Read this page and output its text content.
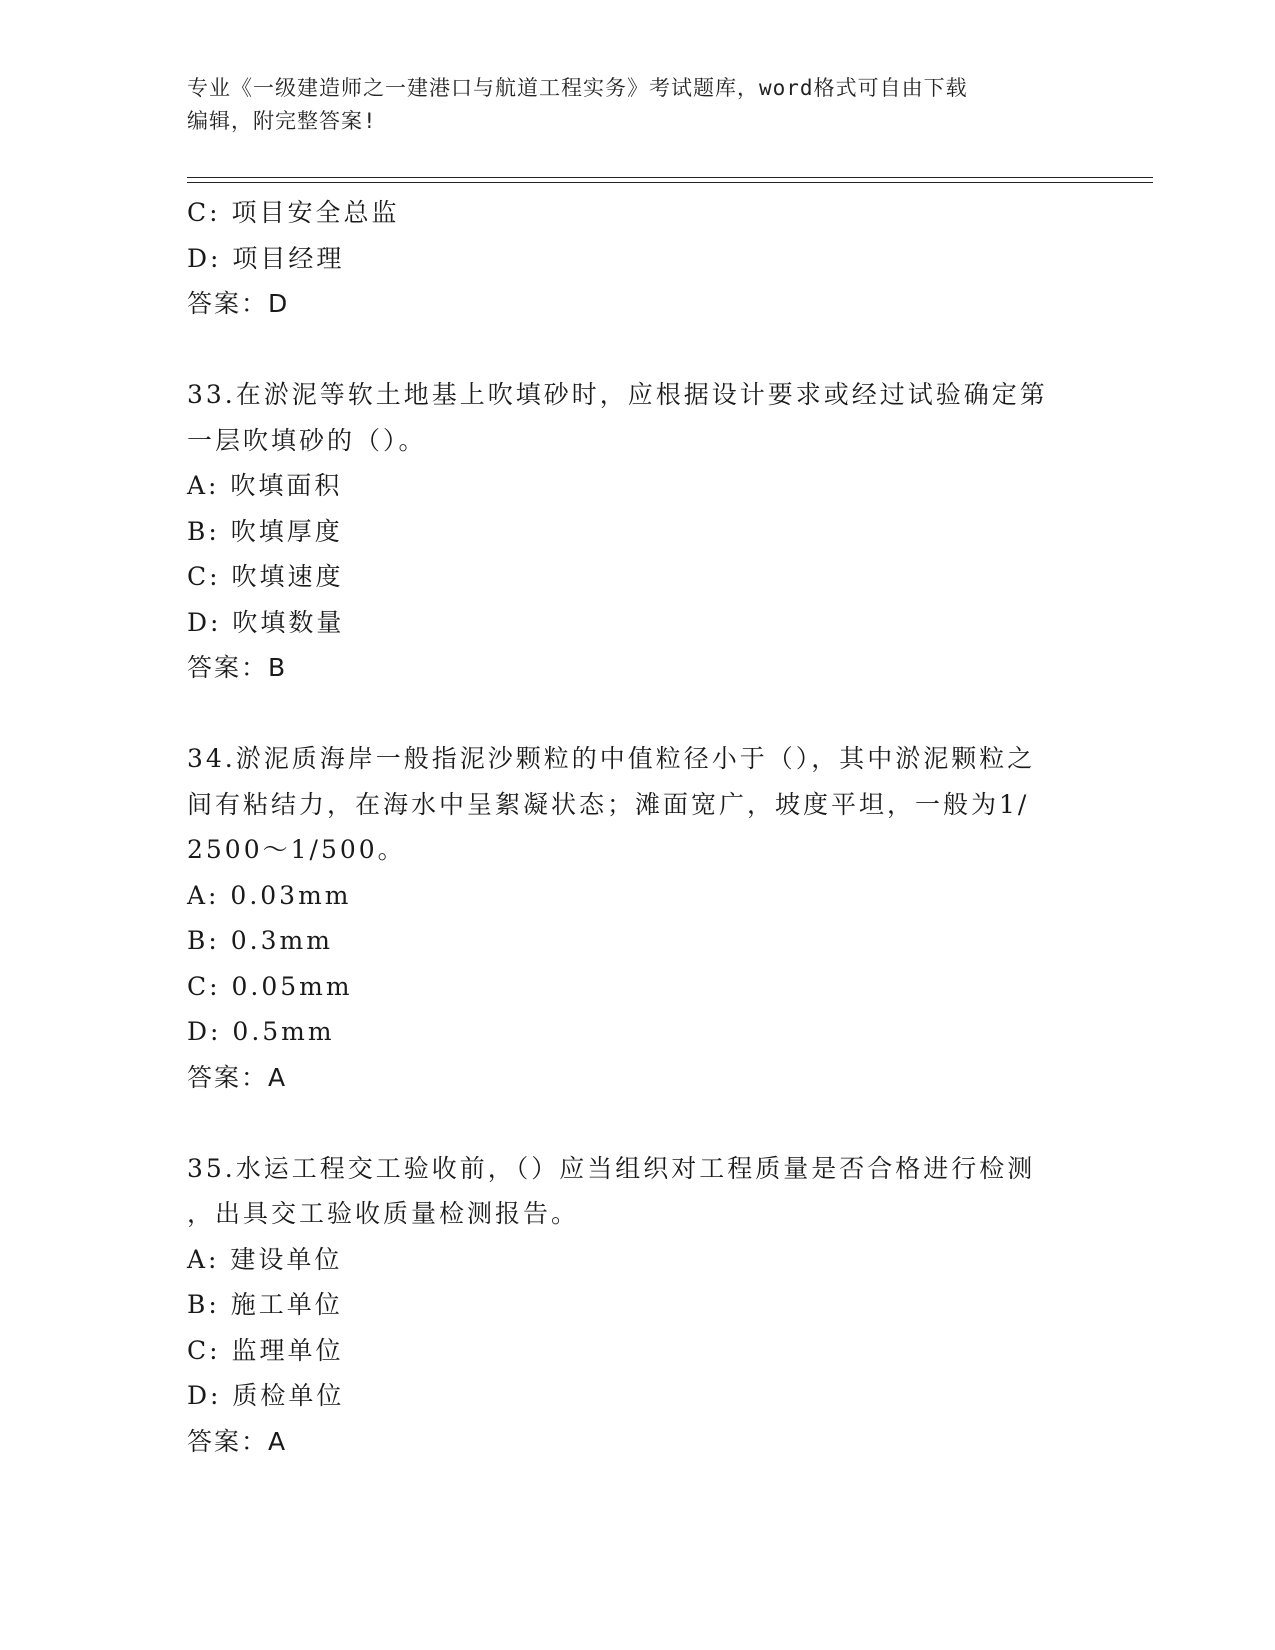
专业《一级建造师之一建港口与航道工程实务》考试题库，word格式可自由下载
编辑，附完整答案!
C: 项目安全总监
D: 项目经理
答案：D
33.在淤泥等软土地基上吹填砂时，应根据设计要求或经过试验确定第
一层吹填砂的（）。
A: 吹填面积
B: 吹填厚度
C: 吹填速度
D: 吹填数量
答案：B
34.淤泥质海岸一般指泥沙颗粒的中值粒径小于（），其中淤泥颗粒之
间有粘结力，在海水中呈絮凝状态；滩面宽广，坡度平坦，一般为1/
2500～1/500。
A: 0.03mm
B: 0.3mm
C: 0.05mm
D: 0.5mm
答案：A
35.水运工程交工验收前，（）应当组织对工程质量是否合格进行检测
，出具交工验收质量检测报告。
A: 建设单位
B: 施工单位
C: 监理单位
D: 质检单位
答案：A
